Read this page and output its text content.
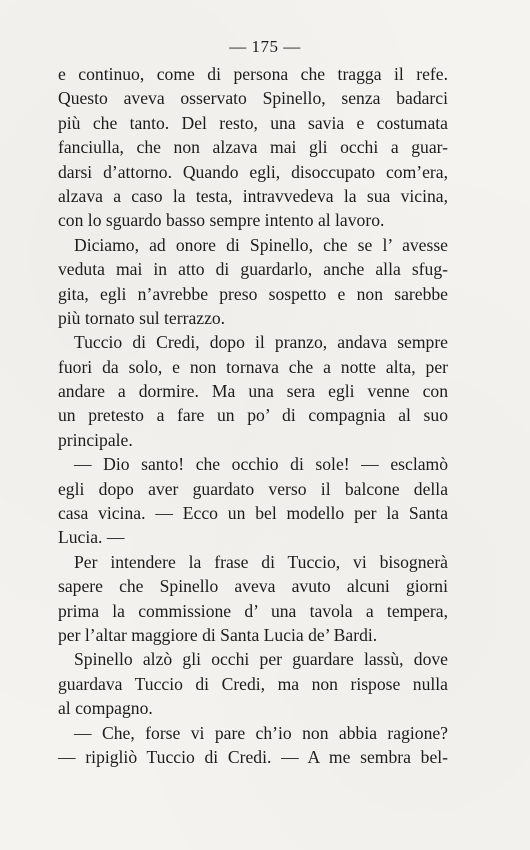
— 175 —
e continuo, come di persona che tragga il refe.
Questo aveva osservato Spinello, senza badarci
più che tanto. Del resto, una savia e costumata
fanciulla, che non alzava mai gli occhi a guar-
darsi d’attorno. Quando egli, disoccupato com’era,
alzava a caso la testa, intravvedeva la sua vicina,
con lo sguardo basso sempre intento al lavoro.
Diciamo, ad onore di Spinello, che se l’ avesse
veduta mai in atto di guardarlo, anche alla sfug-
gita, egli n’avrebbe preso sospetto e non sarebbe
più tornato sul terrazzo.
Tuccio di Credi, dopo il pranzo, andava sempre
fuori da solo, e non tornava che a notte alta, per
andare a dormire. Ma una sera egli venne con
un pretesto a fare un po’ di compagnia al suo
principale.
— Dio santo! che occhio di sole! — esclamò
egli dopo aver guardato verso il balcone della
casa vicina. — Ecco un bel modello per la Santa
Lucia. —
Per intendere la frase di Tuccio, vi bisognerà
sapere che Spinello aveva avuto alcuni giorni
prima la commissione d’ una tavola a tempera,
per l’altar maggiore di Santa Lucia de’ Bardi.
Spinello alzò gli occhi per guardare lassù, dove
guardava Tuccio di Credi, ma non rispose nulla
al compagno.
— Che, forse vi pare ch’io non abbia ragione?
— ripigliò Tuccio di Credi. — A me sembra bel-
